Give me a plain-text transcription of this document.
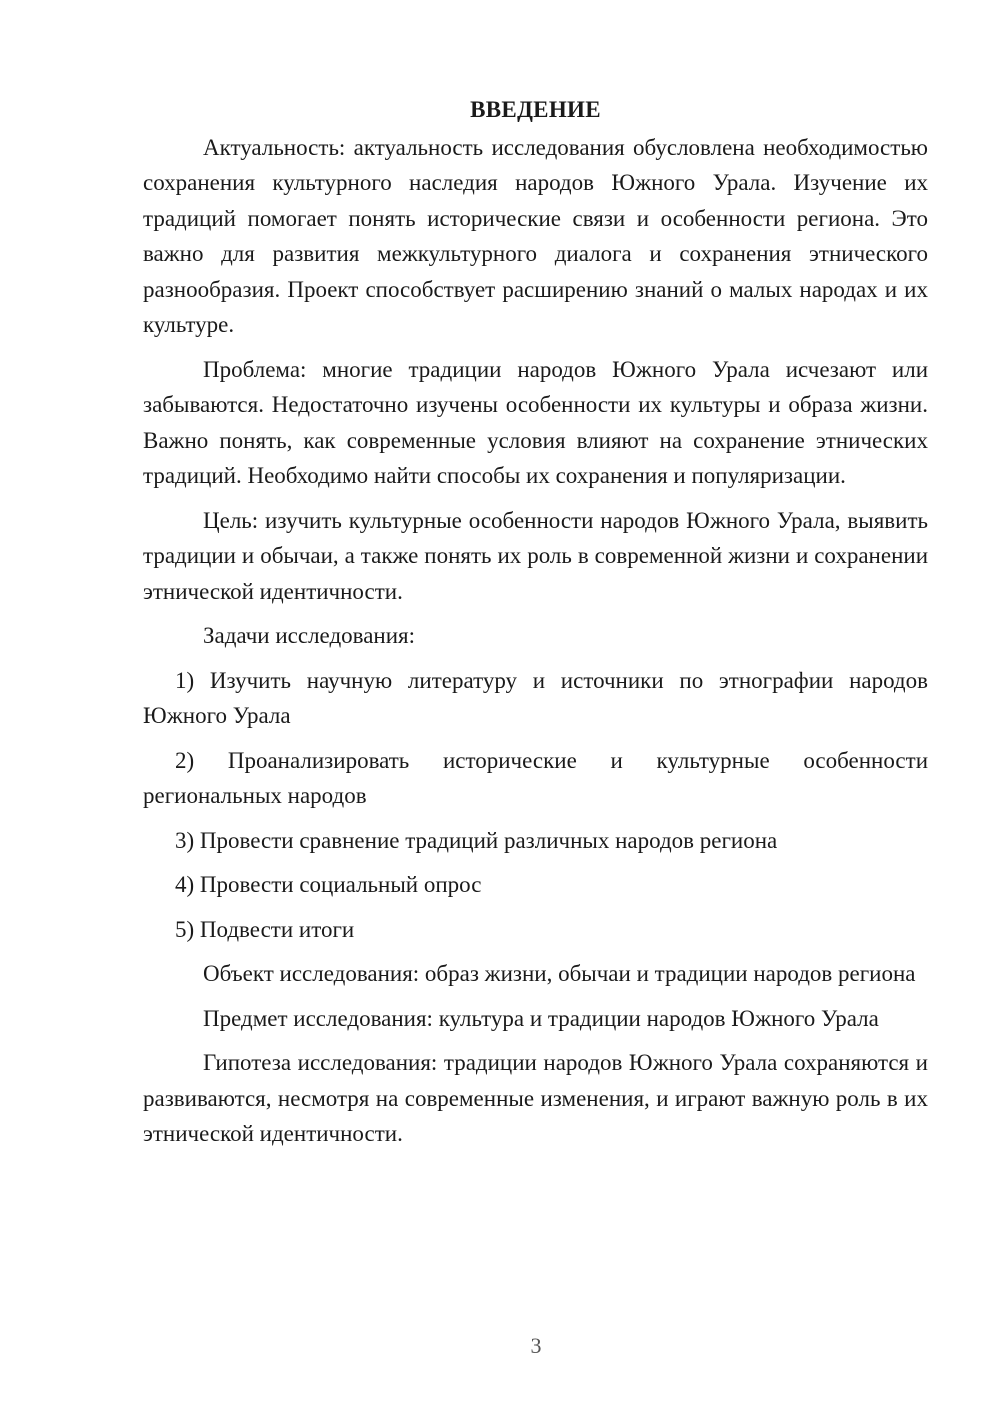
ВВЕДЕНИЕ

Актуальность: актуальность исследования обусловлена необходимостью сохранения культурного наследия народов Южного Урала. Изучение их традиций помогает понять исторические связи и особенности региона. Это важно для развития межкультурного диалога и сохранения этнического разнообразия. Проект способствует расширению знаний о малых народах и их культуре.

Проблема: многие традиции народов Южного Урала исчезают или забываются. Недостаточно изучены особенности их культуры и образа жизни. Важно понять, как современные условия влияют на сохранение этнических традиций. Необходимо найти способы их сохранения и популяризации.

Цель: изучить культурные особенности народов Южного Урала, выявить традиции и обычаи, а также понять их роль в современной жизни и сохранении этнической идентичности.

Задачи исследования:

1) Изучить научную литературу и источники по этнографии народов Южного Урала

2) Проанализировать исторические и культурные особенности региональных народов

3) Провести сравнение традиций различных народов региона

4) Провести социальный опрос

5) Подвести итоги

Объект исследования: образ жизни, обычаи и традиции народов региона

Предмет исследования: культура и традиции народов Южного Урала

Гипотеза исследования: традиции народов Южного Урала сохраняются и развиваются, несмотря на современные изменения, и играют важную роль в их этнической идентичности.

3
